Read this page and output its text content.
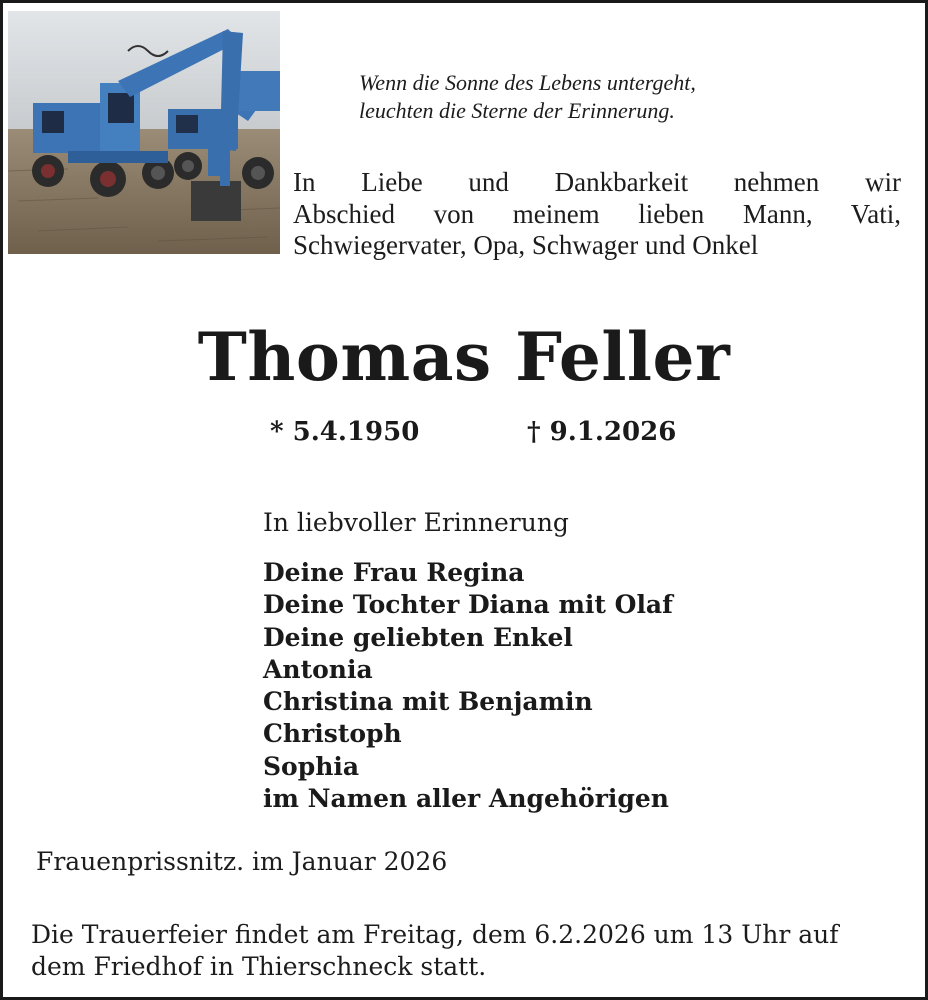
Wenn die Sonne des Lebens untergeht,
leuchten die Sterne der Erinnerung.
In Liebe und Dankbarkeit nehmen wir
Abschied von meinem lieben Mann, Vati,
Schwiegervater, Opa, Schwager und Onkel
Thomas Feller
* 5.4.1950	† 9.1.2026
In liebvoller Erinnerung
Deine Frau Regina
Deine Tochter Diana mit Olaf
Deine geliebten Enkel
Antonia
Christina mit Benjamin
Christoph
Sophia
im Namen aller Angehörigen
Frauenprissnitz. im Januar 2026
Die Trauerfeier findet am Freitag, dem 6.2.2026 um 13 Uhr auf
dem Friedhof in Thierschneck statt.
